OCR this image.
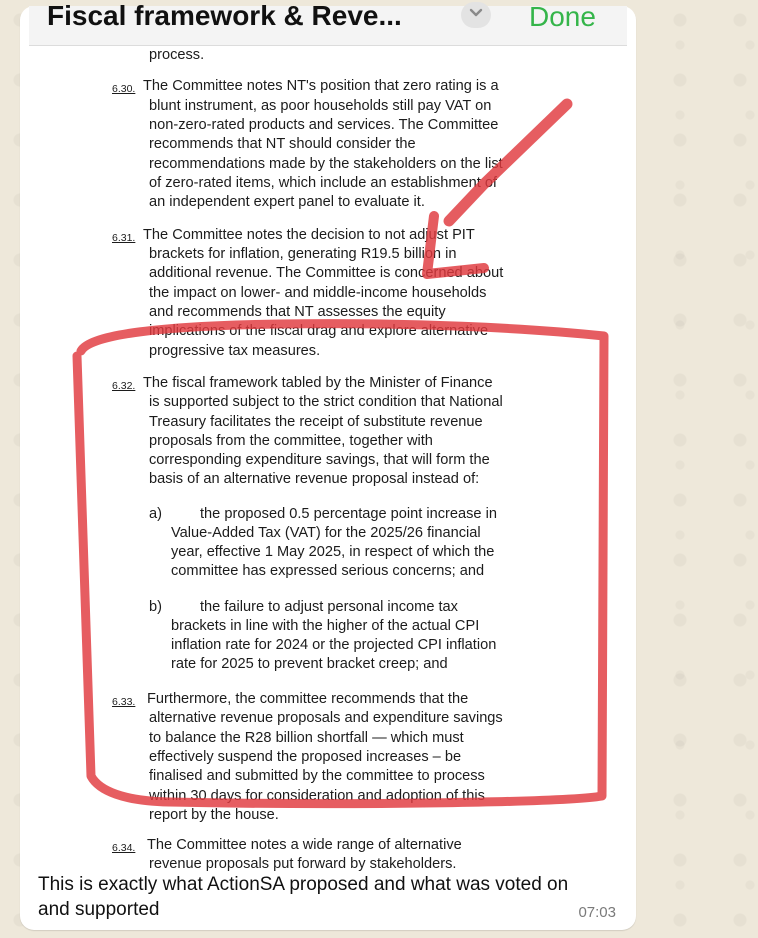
Fiscal framework & Reve...	Done
process.
6.30. The Committee notes NT's position that zero rating is a
blunt instrument, as poor households still pay VAT on
non-zero-rated products and services. The Committee
recommends that NT should consider the
recommendations made by the stakeholders on the list
of zero-rated items, which include an establishment of
an independent expert panel to evaluate it.
6.31. The Committee notes the decision to not adjust PIT
brackets for inflation, generating R19.5 billion in
additional revenue. The Committee is concerned about
the impact on lower- and middle-income households
and recommends that NT assesses the equity
implications of the fiscal drag and explore alternative
progressive tax measures.
6.32. The fiscal framework tabled by the Minister of Finance
is supported subject to the strict condition that National
Treasury facilitates the receipt of substitute revenue
proposals from the committee, together with
corresponding expenditure savings, that will form the
basis of an alternative revenue proposal instead of:
a)	the proposed 0.5 percentage point increase in
Value-Added Tax (VAT) for the 2025/26 financial
year, effective 1 May 2025, in respect of which the
committee has expressed serious concerns; and
b)	the failure to adjust personal income tax
brackets in line with the higher of the actual CPI
inflation rate for 2024 or the projected CPI inflation
rate for 2025 to prevent bracket creep; and
6.33. Furthermore, the committee recommends that the
alternative revenue proposals and expenditure savings
to balance the R28 billion shortfall — which must
effectively suspend the proposed increases – be
finalised and submitted by the committee to process
within 30 days for consideration and adoption of this
report by the house.
6.34. The Committee notes a wide range of alternative
revenue proposals put forward by stakeholders.
This is exactly what ActionSA proposed and what was voted on and supported	07:03
